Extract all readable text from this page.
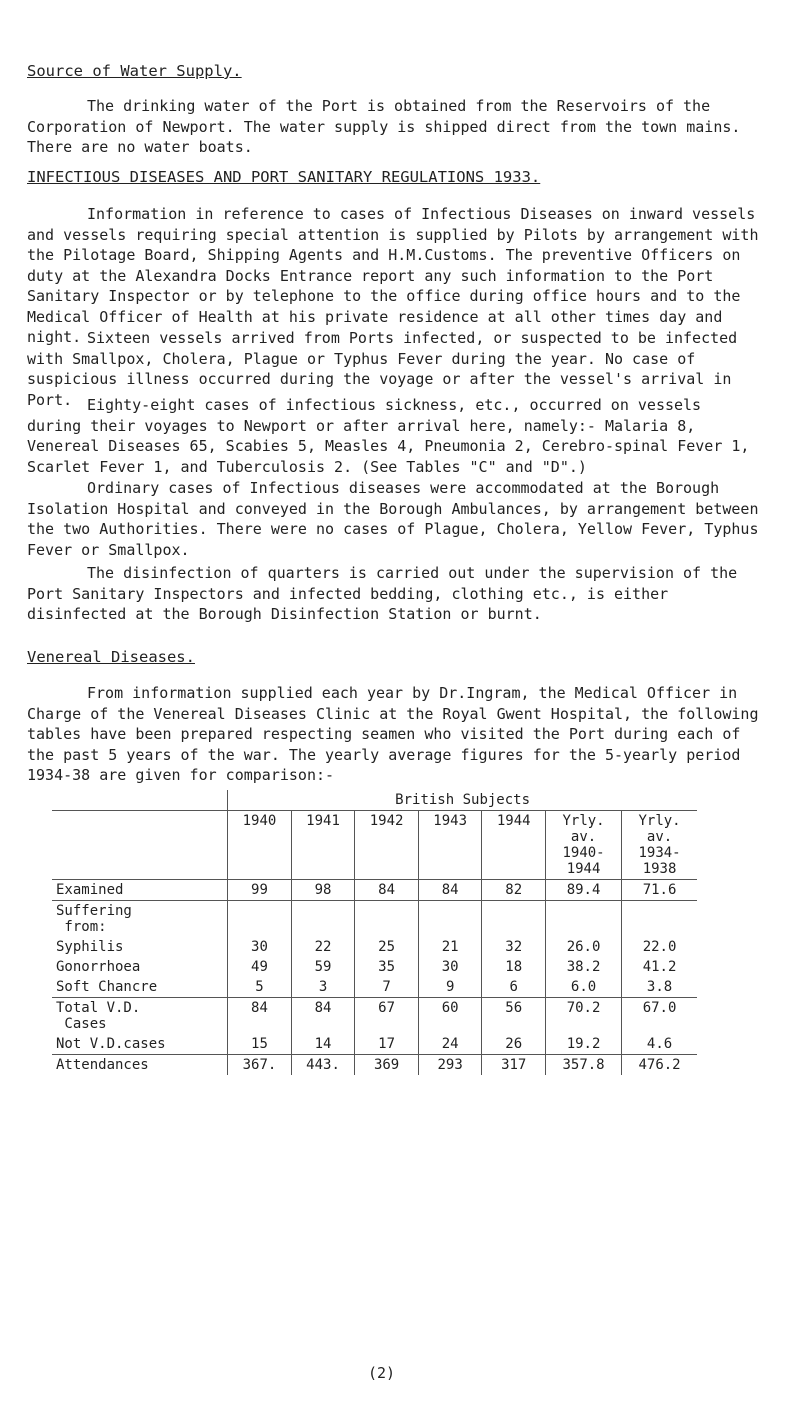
Source of Water Supply.
The drinking water of the Port is obtained from the Reservoirs of the Corporation of Newport. The water supply is shipped direct from the town mains. There are no water boats.
INFECTIOUS DISEASES AND PORT SANITARY REGULATIONS 1933.
Information in reference to cases of Infectious Diseases on inward vessels and vessels requiring special attention is supplied by Pilots by arrangement with the Pilotage Board, Shipping Agents and H.M.Customs. The preventive Officers on duty at the Alexandra Docks Entrance report any such information to the Port Sanitary Inspector or by telephone to the office during office hours and to the Medical Officer of Health at his private residence at all other times day and night. Sixteen vessels arrived from Ports infected, or suspected to be infected with Smallpox, Cholera, Plague or Typhus Fever during the year. No case of suspicious illness occurred during the voyage or after the vessel's arrival in Port. Eighty-eight cases of infectious sickness, etc., occurred on vessels during their voyages to Newport or after arrival here, namely:- Malaria 8, Venereal Diseases 65, Scabies 5, Measles 4, Pneumonia 2, Cerebro-spinal Fever 1, Scarlet Fever 1, and Tuberculosis 2. (See Tables "C" and "D".)
Ordinary cases of Infectious diseases were accommodated at the Borough Isolation Hospital and conveyed in the Borough Ambulances, by arrangement between the two Authorities. There were no cases of Plague, Cholera, Yellow Fever, Typhus Fever or Smallpox.
The disinfection of quarters is carried out under the supervision of the Port Sanitary Inspectors and infected bedding, clothing etc., is either disinfected at the Borough Disinfection Station or burnt.
Venereal Diseases.
From information supplied each year by Dr.Ingram, the Medical Officer in Charge of the Venereal Diseases Clinic at the Royal Gwent Hospital, the following tables have been prepared respecting seamen who visited the Port during each of the past 5 years of the war. The yearly average figures for the 5-yearly period 1934-38 are given for comparison:-
	British Subjects						
	1940	1941	1942	1943	1944	Yrly.
av.
1940-
1944	Yrly.
av.
1934-
1938
Examined	99	98	84	84	82	89.4	71.6
Suffering
from:							
Syphilis	30	22	25	21	32	26.0	22.0
Gonorrhoea	49	59	35	30	18	38.2	41.2
Soft Chancre	5	3	7	9	6	6.0	3.8
Total V.D.
Cases	84	84	67	60	56	70.2	67.0
Not V.D.cases	15	14	17	24	26	19.2	4.6
Attendances	367.	443.	369	293	317	357.8	476.2
(2)
